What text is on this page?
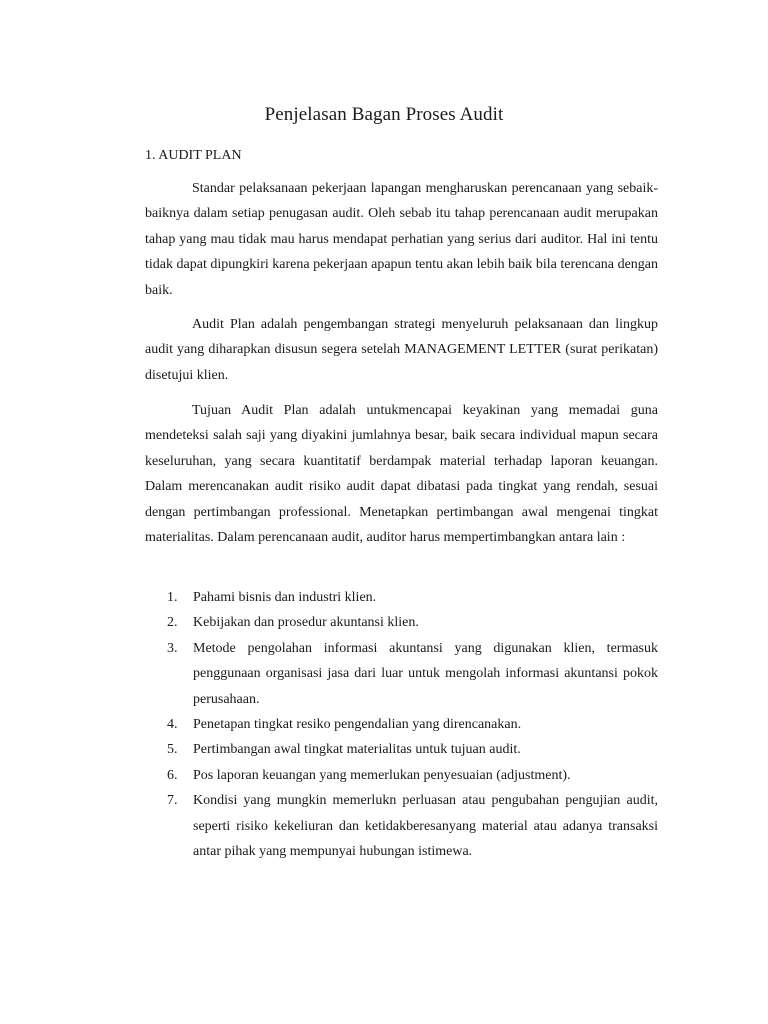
Penjelasan Bagan Proses Audit
1. AUDIT PLAN

Standar pelaksanaan pekerjaan lapangan mengharuskan perencanaan yang sebaik-baiknya dalam setiap penugasan audit. Oleh sebab itu tahap perencanaan audit merupakan tahap yang mau tidak mau harus mendapat perhatian yang serius dari auditor. Hal ini tentu tidak dapat dipungkiri karena pekerjaan apapun tentu akan lebih baik bila terencana dengan baik.

Audit Plan adalah pengembangan strategi menyeluruh pelaksanaan dan lingkup audit yang diharapkan disusun segera setelah MANAGEMENT LETTER (surat perikatan) disetujui klien.

Tujuan Audit Plan adalah untukmencapai keyakinan yang memadai guna mendeteksi salah saji yang diyakini jumlahnya besar, baik secara individual mapun secara keseluruhan, yang secara kuantitatif berdampak material terhadap laporan keuangan. Dalam merencanakan audit risiko audit dapat dibatasi pada tingkat yang rendah, sesuai dengan pertimbangan professional. Menetapkan pertimbangan awal mengenai tingkat materialitas. Dalam perencanaan audit, auditor harus mempertimbangkan antara lain :

1. Pahami bisnis dan industri klien.
2. Kebijakan dan prosedur akuntansi klien.
3. Metode pengolahan informasi akuntansi yang digunakan klien, termasuk penggunaan organisasi jasa dari luar untuk mengolah informasi akuntansi pokok perusahaan.
4. Penetapan tingkat resiko pengendalian yang direncanakan.
5. Pertimbangan awal tingkat materialitas untuk tujuan audit.
6. Pos laporan keuangan yang memerlukan penyesuaian (adjustment).
7. Kondisi yang mungkin memerlukn perluasan atau pengubahan pengujian audit, seperti risiko kekeliuran dan ketidakberesanyang material atau adanya transaksi antar pihak yang mempunyai hubungan istimewa.
